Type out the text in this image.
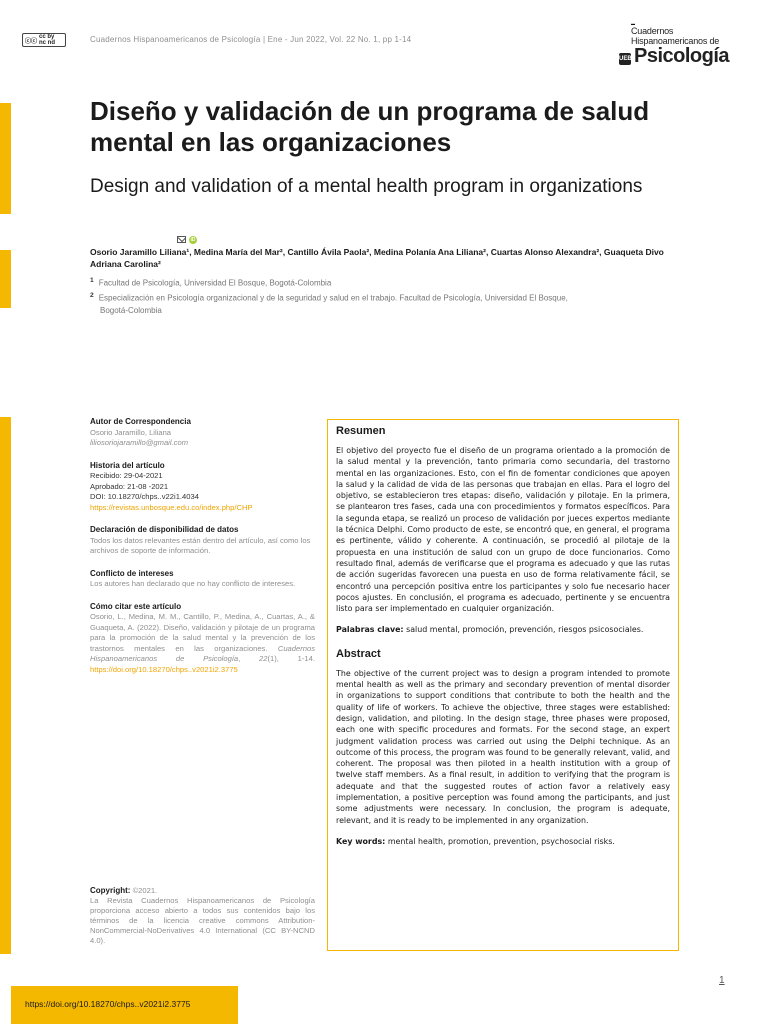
ⓒⓒ
cc by nc nd	Cuadernos Hispanoamericanos de Psicología | Ene - Jun 2022, Vol. 22 No. 1, pp 1-14
▬
Cuadernos
Hispanoamericanos de
UEB Psicología
Diseño y validación de un programa de salud mental en las organizaciones
Design and validation of a mental health program in organizations
iD
Osorio Jaramillo Liliana¹, Medina María del Mar², Cantillo Ávila Paola², Medina Polanía Ana Liliana², Cuartas Alonso Alexandra², Guaqueta Divo Adriana Carolina²
$^1$ Facultad de Psicología, Universidad El Bosque, Bogotá-Colombia
$^2$ Especialización en Psicología organizacional y de la seguridad y salud en el trabajo. Facultad de Psicología, Universidad El Bosque,
Bogotá-Colombia
Autor de Correspondencia
Osorio Jaramillo, Liliana
liliosoriojaramillo@gmail.com
Historia del artículo
Recibido: 29-04-2021
Aprobado: 21-08 -2021
DOI: 10.18270/chps..v22i1.4034
https://revistas.unbosque.edu.co/index.php/CHP
Declaración de disponibilidad de datos
Todos los datos relevantes están dentro del artículo, así como los archivos de soporte de información.
Conflicto de intereses
Los autores han declarado que no hay conflicto de intereses.
Cómo citar este artículo
Osorio, L., Medina, M. M., Cantillo, P., Medina, A., Cuartas, A., & Guaqueta, A. (2022). Diseño, validación y pilotaje de un programa para la promoción de la salud mental y la prevención de los trastornos mentales en las organizaciones. Cuadernos Hispanoamericanos de Psicología, 22(1), 1-14. https://doi.org/10.18270/chps..v2021i2.3775
Copyright: ©2021.
La Revista Cuadernos Hispanoamericanos de Psicología proporciona acceso abierto a todos sus contenidos bajo los términos de la licencia creative commons Attribution-NonCommercial-NoDerivatives 4.0 International (CC BY-NCND 4.0).
Resumen
El objetivo del proyecto fue el diseño de un programa orientado a la promoción de la salud mental y la prevención, tanto primaria como secundaria, del trastorno mental en las organizaciones. Esto, con el fin de fomentar condiciones que apoyen la salud y la calidad de vida de las personas que trabajan en ellas. Para el logro del objetivo, se establecieron tres etapas: diseño, validación y pilotaje. En la primera, se plantearon tres fases, cada una con procedimientos y formatos específicos. Para la segunda etapa, se realizó un proceso de validación por jueces expertos mediante la técnica Delphi. Como producto de este, se encontró que, en general, el programa es pertinente, válido y coherente. A continuación, se procedió al pilotaje de la propuesta en una institución de salud con un grupo de doce funcionarios. Como resultado final, además de verificarse que el programa es adecuado y que las rutas de acción sugeridas favorecen una puesta en uso de forma relativamente fácil, se encontró una percepción positiva entre los participantes y solo fue necesario hacer pocos ajustes. En conclusión, el programa es adecuado, pertinente y se encuentra listo para ser implementado en cualquier organización.
Palabras clave: salud mental, promoción, prevención, riesgos psicosociales.
Abstract
The objective of the current project was to design a program intended to promote mental health as well as the primary and secondary prevention of mental disorder in organizations to support conditions that contribute to both the health and the quality of life of workers. To achieve the objective, three stages were established: design, validation, and piloting. In the design stage, three phases were proposed, each one with specific procedures and formats. For the second stage, an expert judgment validation process was carried out using the Delphi technique. As an outcome of this process, the program was found to be generally relevant, valid, and coherent. The proposal was then piloted in a health institution with a group of twelve staff members. As a final result, in addition to verifying that the program is adequate and that the suggested routes of action favor a relatively easy implementation, a positive perception was found among the participants, and just some adjustments were necessary. In conclusion, the program is adequate, relevant, and it is ready to be implemented in any organization.
Key words: mental health, promotion, prevention, psychosocial risks.
https://doi.org/10.18270/chps..v2021i2.3775
1
